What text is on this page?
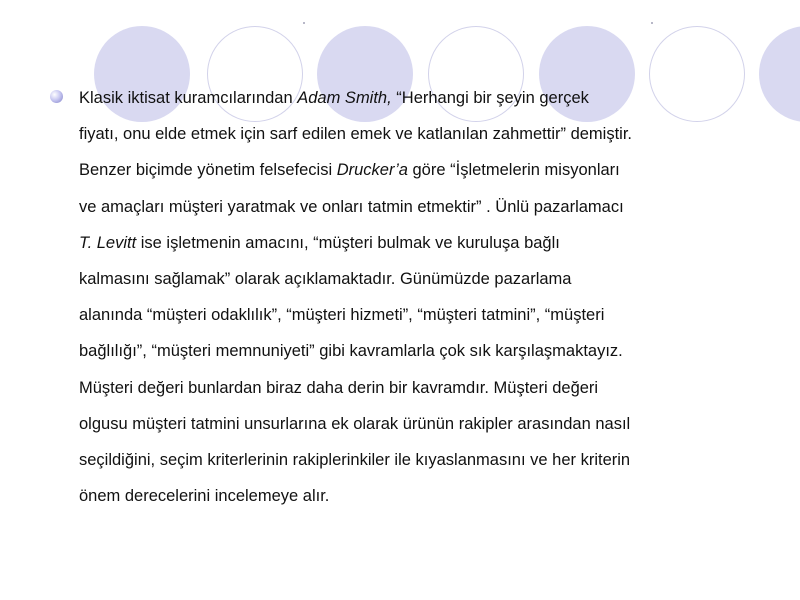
Klasik iktisat kuramcılarından Adam Smith, “Herhangi bir şeyin gerçek
fiyatı, onu elde etmek için sarf edilen emek ve katlanılan zahmettir” demiştir.
Benzer biçimde yönetim felsefecisi Drucker’a göre “İşletmelerin misyonları
ve amaçları müşteri yaratmak ve onları tatmin etmektir” . Ünlü pazarlamacı
T. Levitt ise işletmenin amacını, “müşteri bulmak ve kuruluşa bağlı
kalmasını sağlamak” olarak açıklamaktadır. Günümüzde pazarlama
alanında “müşteri odaklılık”, “müşteri hizmeti”, “müşteri tatmini”, “müşteri
bağlılığı”, “müşteri memnuniyeti” gibi kavramlarla çok sık karşılaşmaktayız.
Müşteri değeri bunlardan biraz daha derin bir kavramdır. Müşteri değeri
olgusu müşteri tatmini unsurlarına ek olarak ürünün rakipler arasından nasıl
seçildiğini, seçim kriterlerinin rakiplerinkiler ile kıyaslanmasını ve her kriterin
önem derecelerini incelemeye alır.
